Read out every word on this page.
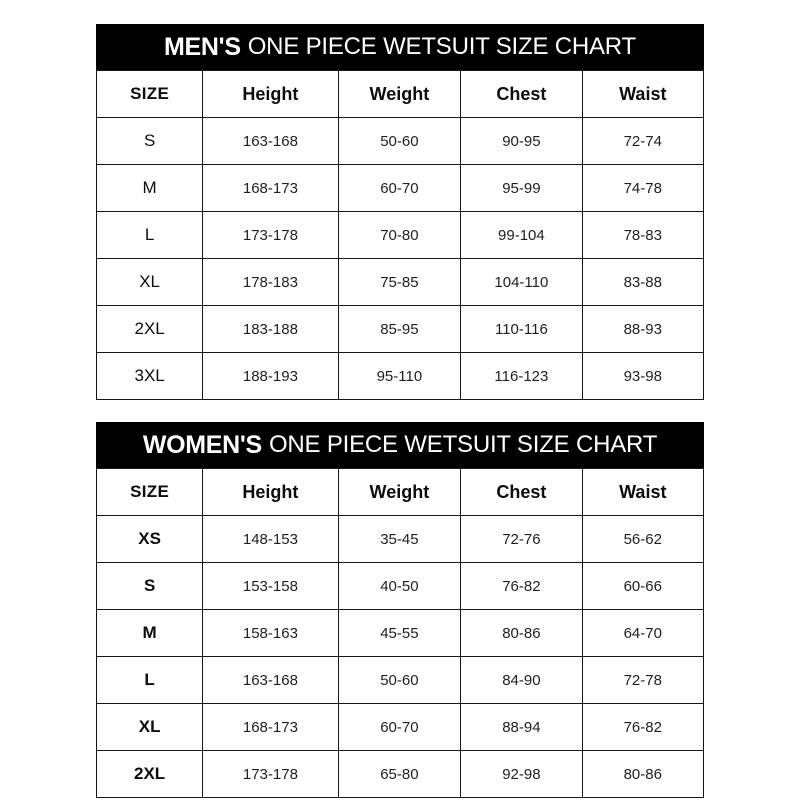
MEN'S ONE PIECE WETSUIT SIZE CHART
SIZE	Height	Weight	Chest	Waist
S	163-168	50-60	90-95	72-74
M	168-173	60-70	95-99	74-78
L	173-178	70-80	99-104	78-83
XL	178-183	75-85	104-110	83-88
2XL	183-188	85-95	110-116	88-93
3XL	188-193	95-110	116-123	93-98
WOMEN'S ONE PIECE WETSUIT SIZE CHART
SIZE	Height	Weight	Chest	Waist
XS	148-153	35-45	72-76	56-62
S	153-158	40-50	76-82	60-66
M	158-163	45-55	80-86	64-70
L	163-168	50-60	84-90	72-78
XL	168-173	60-70	88-94	76-82
2XL	173-178	65-80	92-98	80-86
